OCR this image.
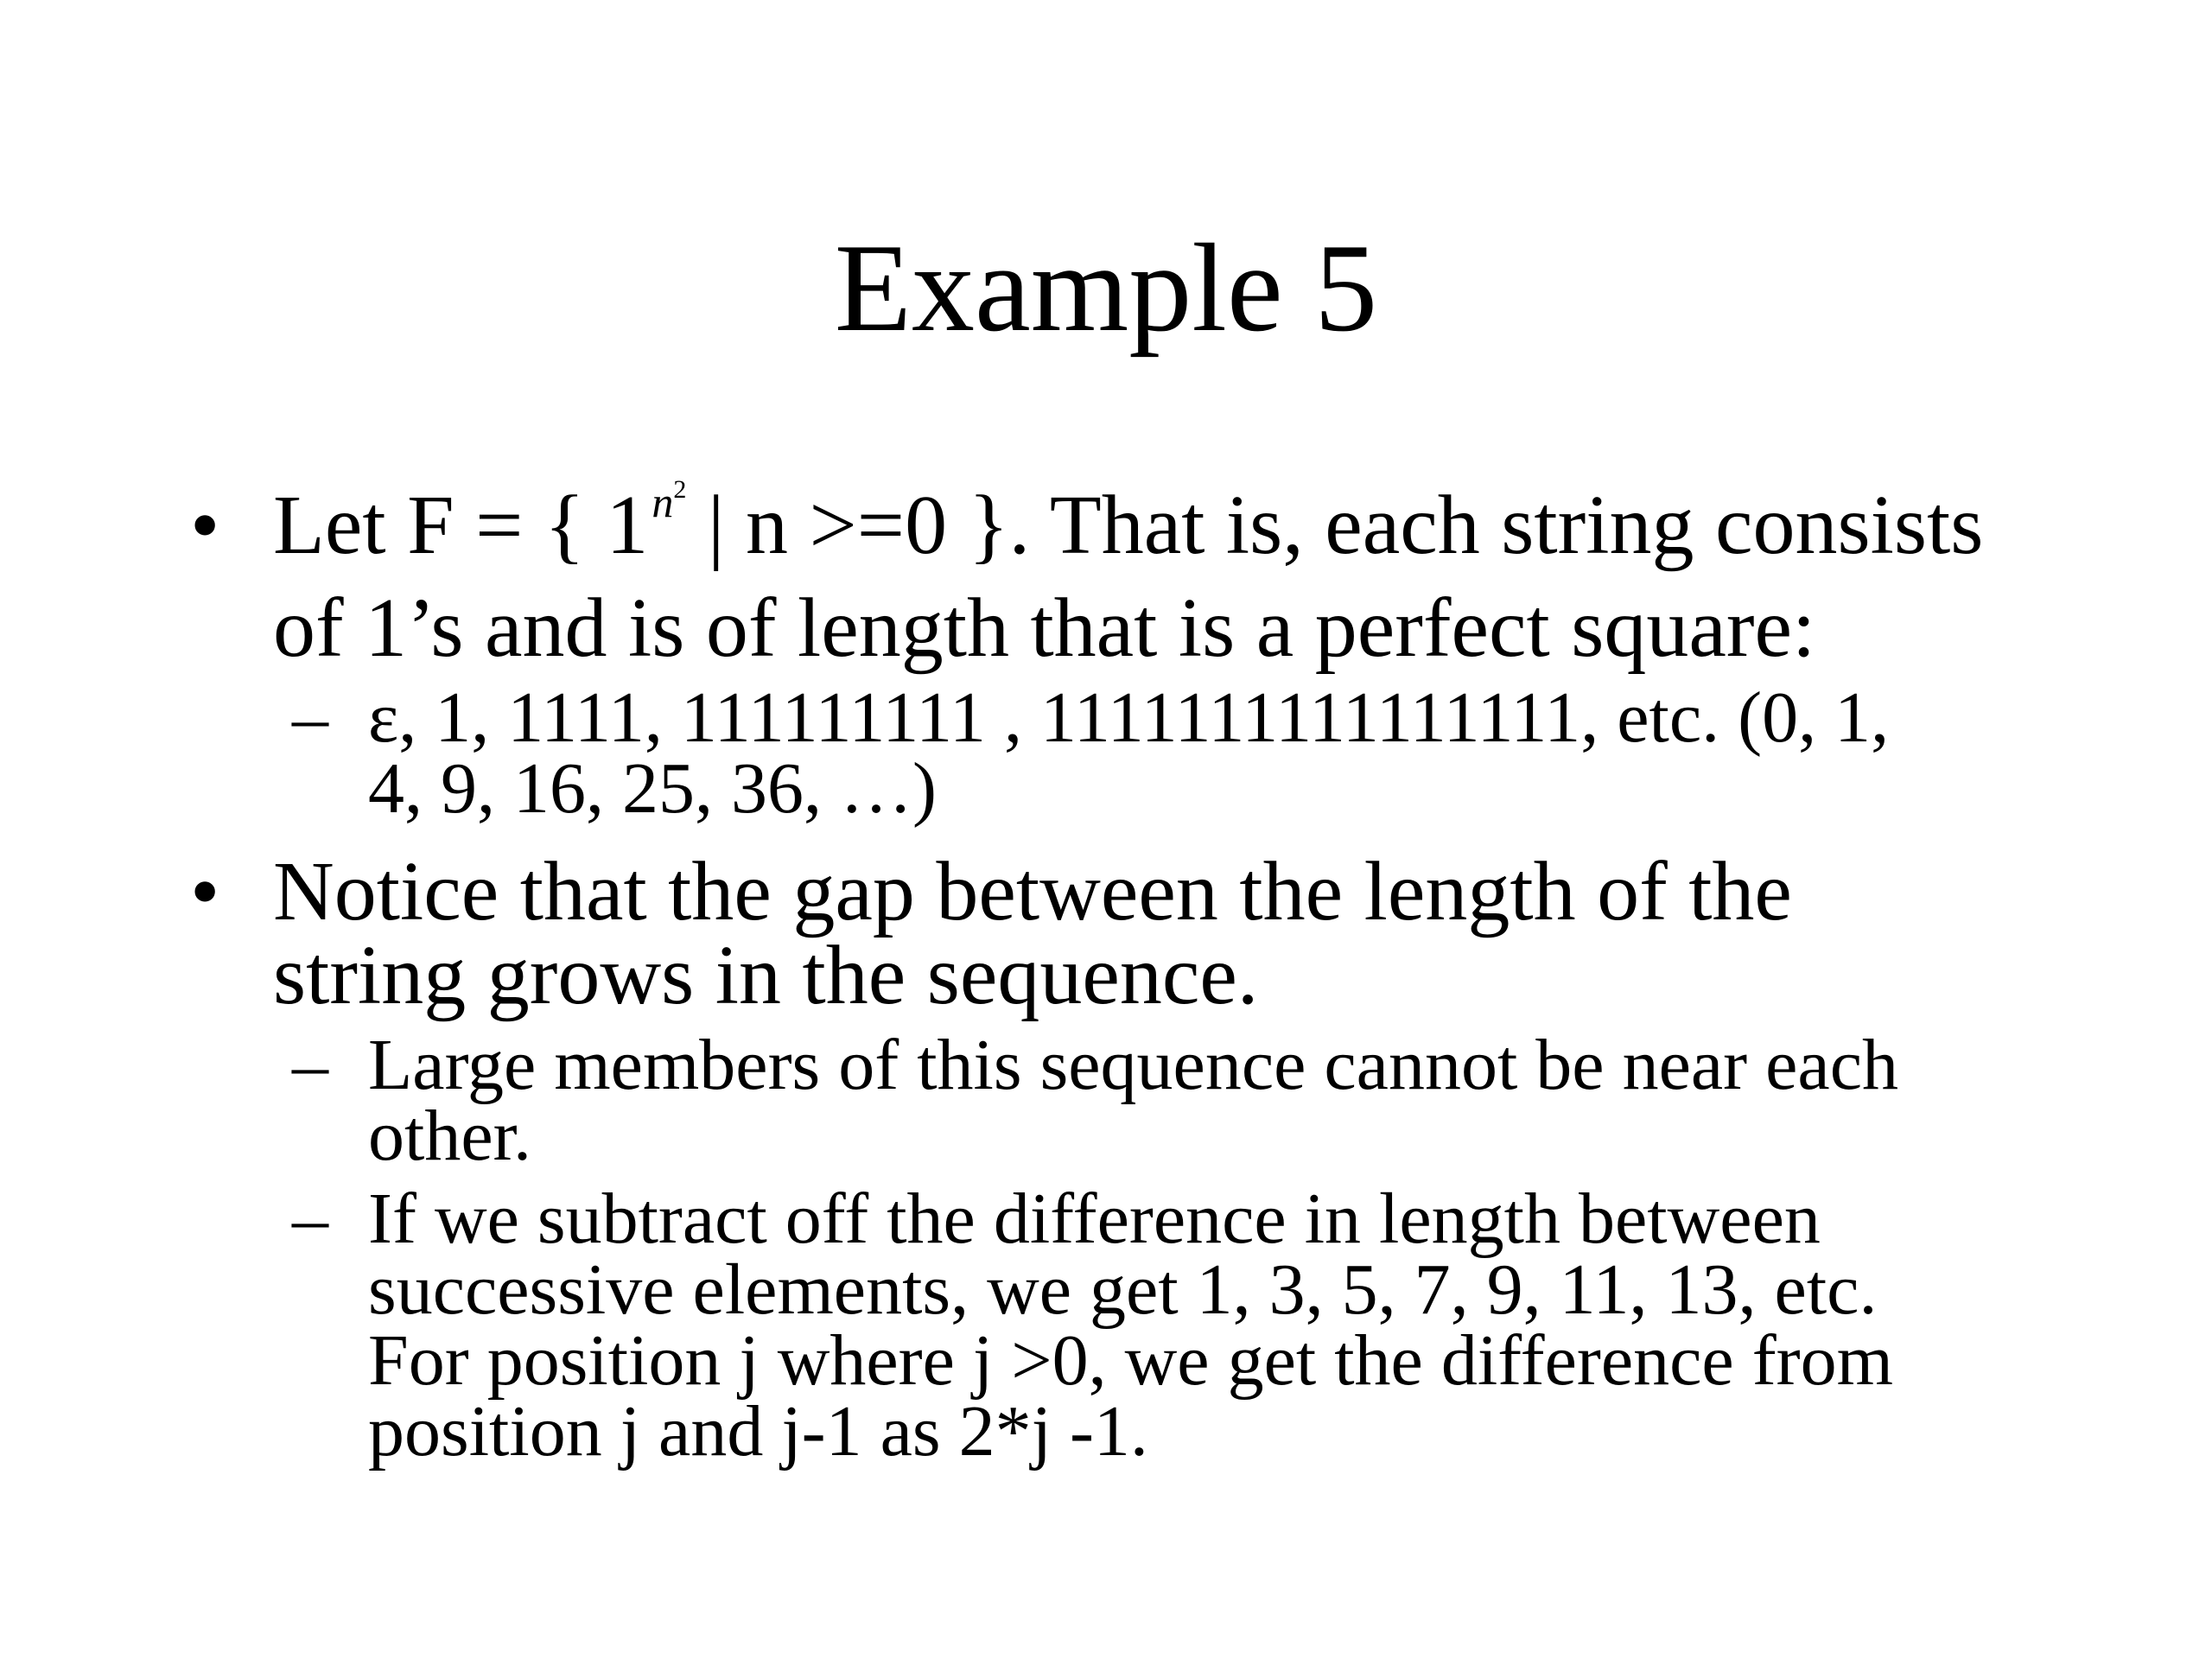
Example 5
• Let F = { $1^{n^2}$ | n >=0 }. That is, each string consists
of 1’s and is of length that is a perfect square:
– ε, 1, 1111, 111111111 , 1111111111111111, etc. (0, 1,
4, 9, 16, 25, 36, …)
• Notice that the gap between the length of the
string grows in the sequence.
– Large members of this sequence cannot be near each
other.
– If we subtract off the difference in length between
successive elements, we get 1, 3, 5, 7, 9, 11, 13, etc.
For position j where j >0, we get the difference from
position j and j-1 as 2*j -1.
